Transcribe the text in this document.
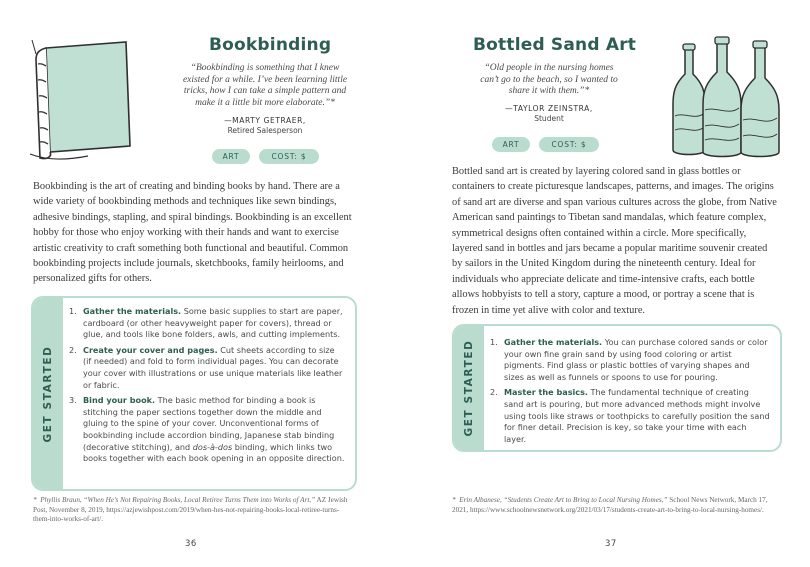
Bookbinding
“Bookbinding is something that I knew existed for a while. I’ve been learning little tricks, how I can take a simple pattern and make it a little bit more elaborate.”*
—MARTY GETRAER,
Retired Salesperson
ART	COST: $
Bookbinding is the art of creating and binding books by hand. There are a wide variety of bookbinding methods and techniques like sewn bindings, adhesive bindings, stapling, and spiral bindings. Bookbinding is an excellent hobby for those who enjoy working with their hands and want to exercise artistic creativity to craft something both functional and beautiful. Common bookbinding projects include journals, sketchbooks, family heirlooms, and personalized gifts for others.
GET STARTED
1. Gather the materials. Some basic supplies to start are paper, cardboard (or other heavyweight paper for covers), thread or glue, and tools like bone folders, awls, and cutting implements.
2. Create your cover and pages. Cut sheets according to size (if needed) and fold to form individual pages. You can decorate your cover with illustrations or use unique materials like leather or fabric.
3. Bind your book. The basic method for binding a book is stitching the paper sections together down the middle and gluing to the spine of your cover. Unconventional forms of bookbinding include accordion binding, Japanese stab binding (decorative stitching), and dos-à-dos binding, which links two books together with each book opening in an opposite direction.
* Phyllis Braun, “When He’s Not Repairing Books, Local Retiree Turns Them into Works of Art,” AZ Jewish Post, November 8, 2019, https://azjewishpost.com/2019/when-hes-not-repairing-books-local-retiree-turns-them-into-works-of-art/.
36
Bottled Sand Art
“Old people in the nursing homes can’t go to the beach, so I wanted to share it with them.”*
—TAYLOR ZEINSTRA,
Student
ART	COST: $
Bottled sand art is created by layering colored sand in glass bottles or containers to create picturesque landscapes, patterns, and images. The origins of sand art are diverse and span various cultures across the globe, from Native American sand paintings to Tibetan sand mandalas, which feature complex, symmetrical designs often contained within a circle. More specifically, layered sand in bottles and jars became a popular maritime souvenir created by sailors in the United Kingdom during the nineteenth century. Ideal for individuals who appreciate delicate and time-intensive crafts, each bottle allows hobbyists to tell a story, capture a mood, or portray a scene that is frozen in time yet alive with color and texture.
GET STARTED 1. Gather the materials. You can purchase colored sands or color your own fine grain sand by using food coloring or artist pigments. Find glass or plastic bottles of varying shapes and sizes as well as funnels or spoons to use for pouring.
2. Master the basics. The fundamental technique of creating sand art is pouring, but more advanced methods might involve using tools like straws or toothpicks to carefully position the sand for finer detail. Precision is key, so take your time with each layer.
* Erin Albanese, “Students Create Art to Bring to Local Nursing Homes,” School News Network, March 17, 2021, https://www.schoolnewsnetwork.org/2021/03/17/students-create-art-to-bring-to-local-nursing-homes/.
37
